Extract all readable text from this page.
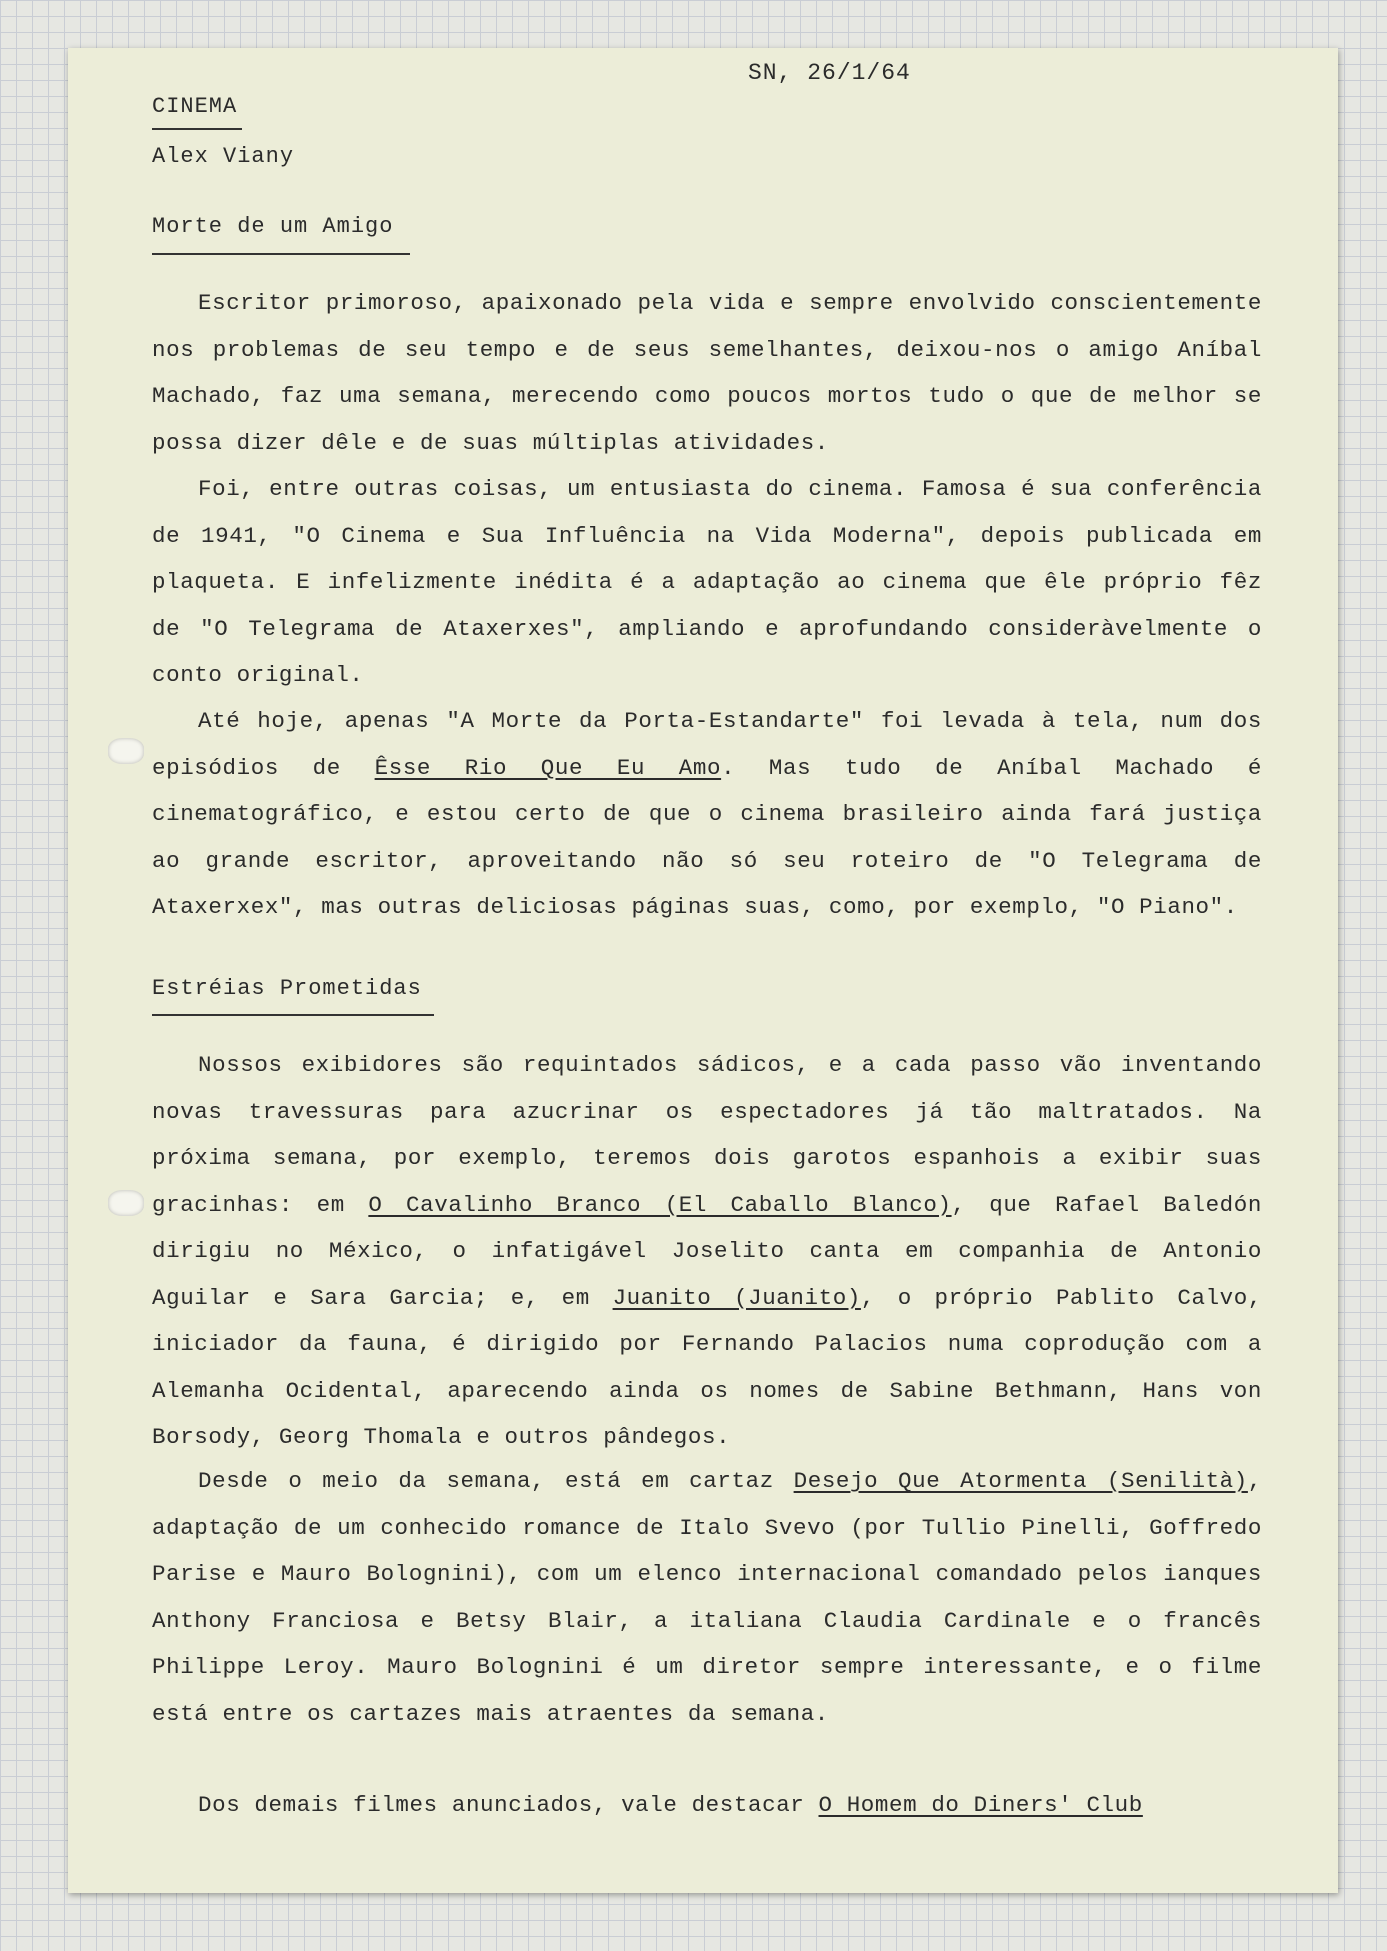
SN, 26/1/64
CINEMA
Alex Viany
Morte de um Amigo

Escritor primoroso, apaixonado pela vida e sempre envolvido conscientemente nos problemas de seu tempo e de seus semelhantes, deixou-nos o amigo Aníbal Machado, faz uma semana, merecendo como poucos mortos tudo o que de melhor se possa dizer dêle e de suas múltiplas atividades.

Foi, entre outras coisas, um entusiasta do cinema. Famosa é sua conferência de 1941, "O Cinema e Sua Influência na Vida Moderna", depois publicada em plaqueta. E infelizmente inédita é a adaptação ao cinema que êle próprio fêz de "O Telegrama de Ataxerxes", ampliando e aprofundando consideràvelmente o conto original.

Até hoje, apenas "A Morte da Porta-Estandarte" foi levada à tela, num dos episódios de Êsse Rio Que Eu Amo. Mas tudo de Aníbal Machado é cinematográfico, e estou certo de que o cinema brasileiro ainda fará justiça ao grande escritor, aproveitando não só seu roteiro de "O Telegrama de Ataxerxex", mas outras deliciosas páginas suas, como, por exemplo, "O Piano".

Estréias Prometidas

Nossos exibidores são requintados sádicos, e a cada passo vão inventando novas travessuras para azucrinar os espectadores já tão maltratados. Na próxima semana, por exemplo, teremos dois garotos espanhois a exibir suas gracinhas: em O Cavalinho Branco (El Caballo Blanco), que Rafael Baledón dirigiu no México, o infatigável Joselito canta em companhia de Antonio Aguilar e Sara Garcia; e, em Juanito (Juanito), o próprio Pablito Calvo, iniciador da fauna, é dirigido por Fernando Palacios numa coprodução com a Alemanha Ocidental, aparecendo ainda os nomes de Sabine Bethmann, Hans von Borsody, Georg Thomala e outros pândegos.

Desde o meio da semana, está em cartaz Desejo Que Atormenta (Senilità), adaptação de um conhecido romance de Italo Svevo (por Tullio Pinelli, Goffredo Parise e Mauro Bolognini), com um elenco internacional comandado pelos ianques Anthony Franciosa e Betsy Blair, a italiana Claudia Cardinale e o francês Philippe Leroy. Mauro Bolognini é um diretor sempre interessante, e o filme está entre os cartazes mais atraentes da semana.

Dos demais filmes anunciados, vale destacar O Homem do Diners' Club
